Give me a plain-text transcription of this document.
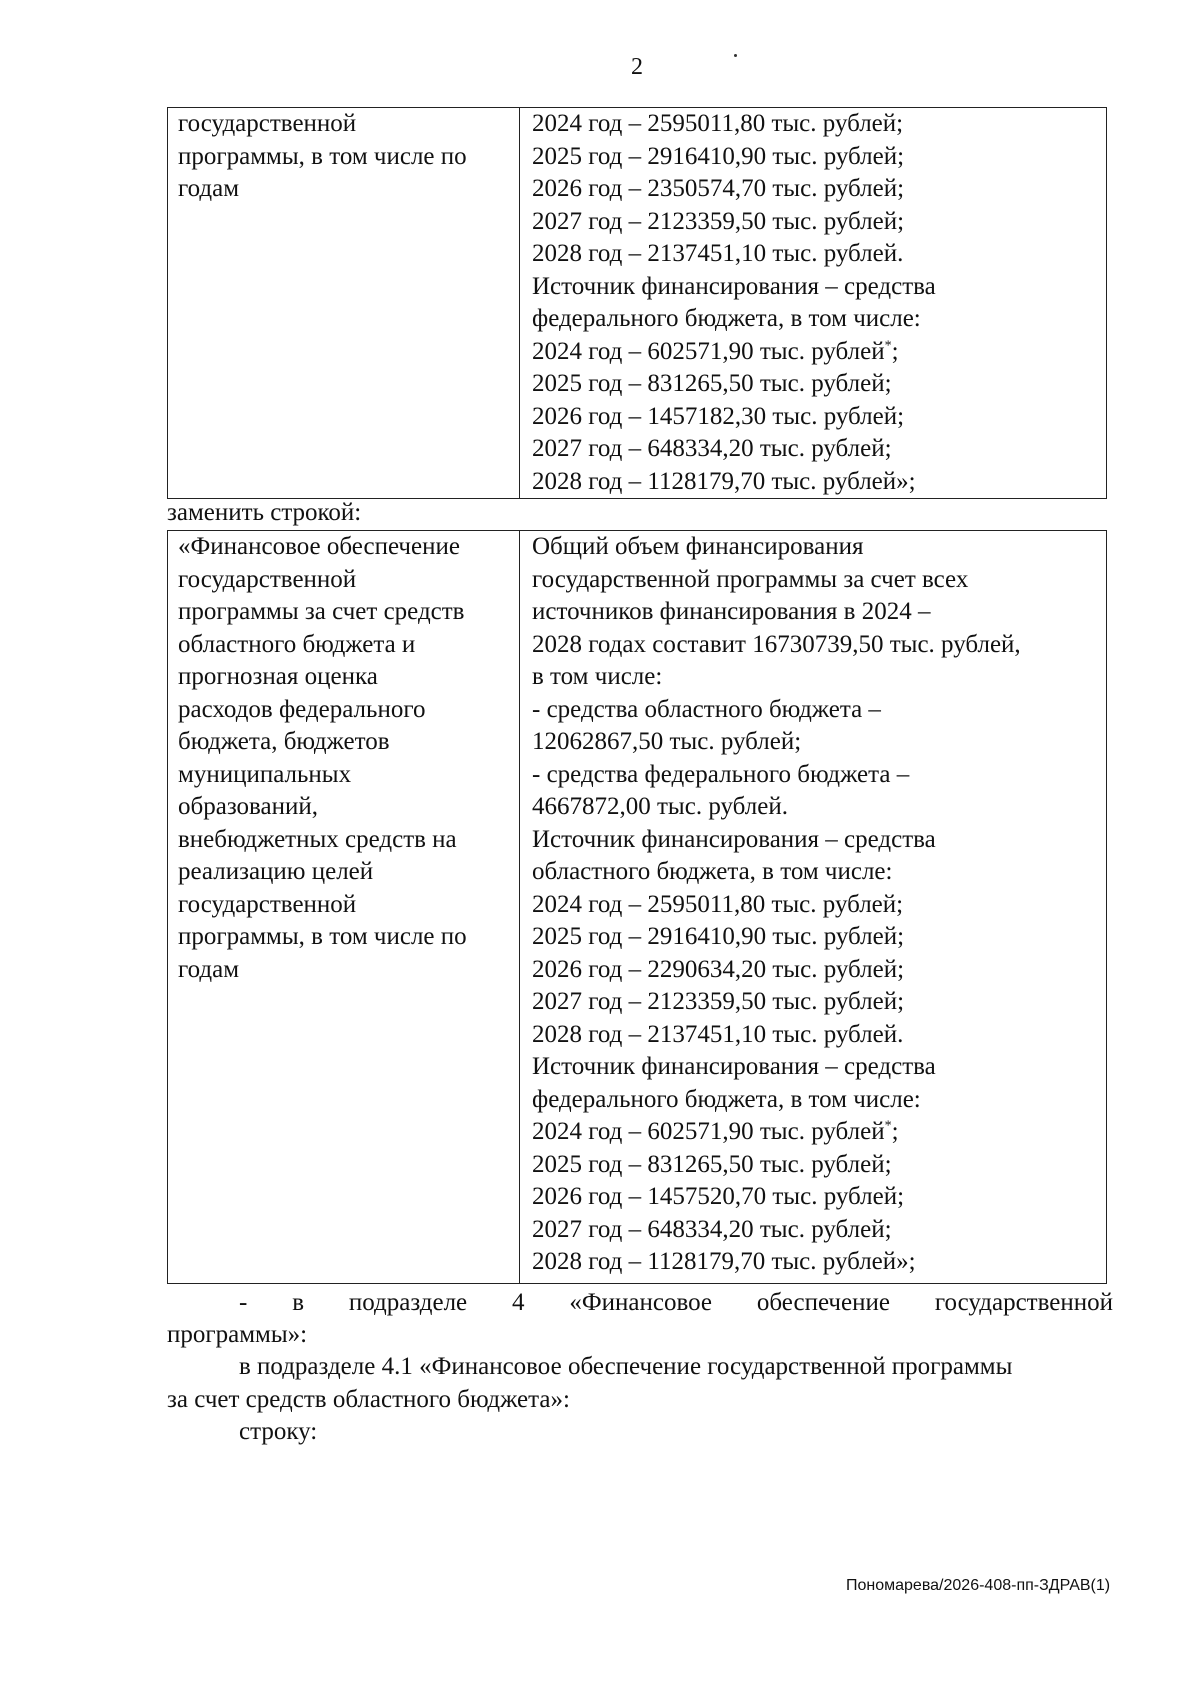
2
государственной
программы, в том числе по
годам
2024 год – 2595011,80 тыс. рублей;
2025 год – 2916410,90 тыс. рублей;
2026 год – 2350574,70 тыс. рублей;
2027 год – 2123359,50 тыс. рублей;
2028 год – 2137451,10 тыс. рублей.
Источник финансирования – средства
федерального бюджета, в том числе:
2024 год – 602571,90 тыс. рублей*;
2025 год – 831265,50 тыс. рублей;
2026 год – 1457182,30 тыс. рублей;
2027 год – 648334,20 тыс. рублей;
2028 год – 1128179,70 тыс. рублей»;
заменить строкой:
«Финансовое обеспечение
государственной
программы за счет средств
областного бюджета и
прогнозная оценка
расходов федерального
бюджета, бюджетов
муниципальных
образований,
внебюджетных средств на
реализацию целей
государственной
программы, в том числе по
годам
Общий объем финансирования
государственной программы за счет всех
источников финансирования в 2024 –
2028 годах составит 16730739,50 тыс. рублей,
в том числе:
- средства областного бюджета –
12062867,50 тыс. рублей;
- средства федерального бюджета –
4667872,00 тыс. рублей.
Источник финансирования – средства
областного бюджета, в том числе:
2024 год – 2595011,80 тыс. рублей;
2025 год – 2916410,90 тыс. рублей;
2026 год – 2290634,20 тыс. рублей;
2027 год – 2123359,50 тыс. рублей;
2028 год – 2137451,10 тыс. рублей.
Источник финансирования – средства
федерального бюджета, в том числе:
2024 год – 602571,90 тыс. рублей*;
2025 год – 831265,50 тыс. рублей;
2026 год – 1457520,70 тыс. рублей;
2027 год – 648334,20 тыс. рублей;
2028 год – 1128179,70 тыс. рублей»;
- в подразделе 4 «Финансовое обеспечение государственной
программы»:
в подразделе 4.1 «Финансовое обеспечение государственной программы
за счет средств областного бюджета»:
строку:
Пономарева/2026-408-пп-ЗДРАВ(1)
